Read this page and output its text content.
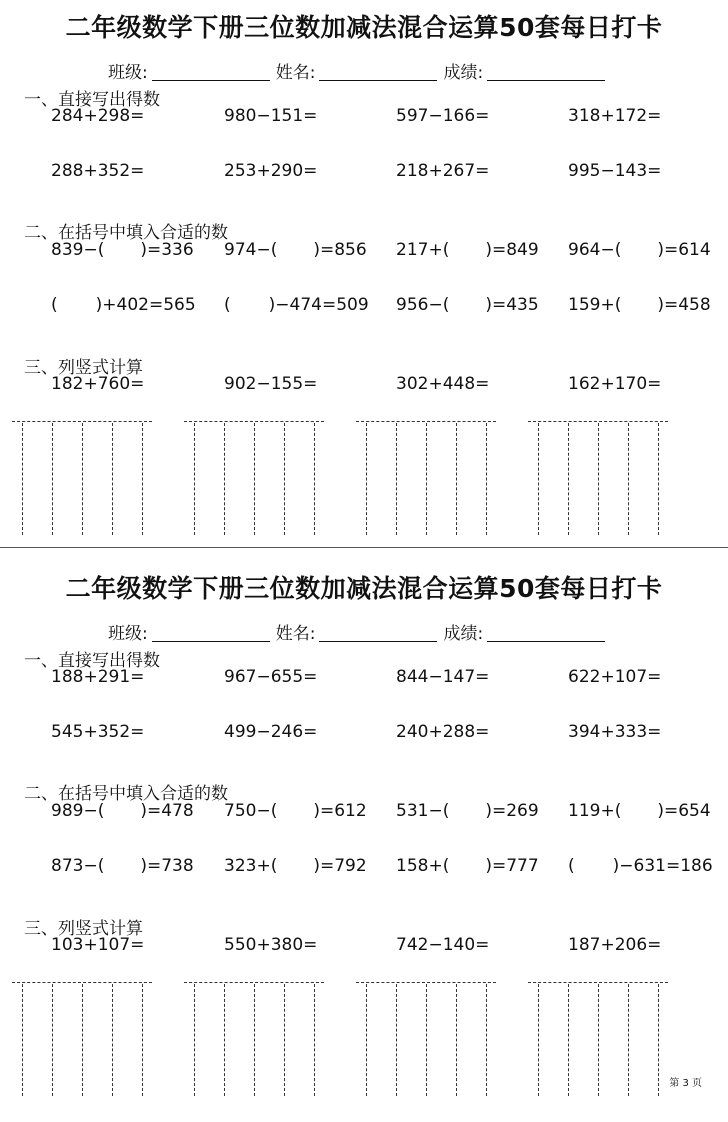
二年级数学下册三位数加减法混合运算50套每日打卡
班级:	姓名:	成绩:
一、直接写出得数
284+298=	980−151=	597−166=	318+172=
288+352=	253+290=	218+267=	995−143=
二、在括号中填入合适的数
839−( )=336 974−( )=856 217+( )=849 964−( )=614
( )+402=565 ( )−474=509 956−( )=435 159+( )=458
三、列竖式计算
182+760=	902−155=	302+448=	162+170=
二年级数学下册三位数加减法混合运算50套每日打卡
班级:	姓名:	成绩:
一、直接写出得数
188+291=	967−655=	844−147=	622+107=
545+352=	499−246=	240+288=	394+333=
二、在括号中填入合适的数
989−( )=478 750−( )=612 531−( )=269 119+( )=654
873−( )=738 323+( )=792 158+( )=777 ( )−631=186
三、列竖式计算
103+107=	550+380=	742−140=	187+206=
第 3 页
